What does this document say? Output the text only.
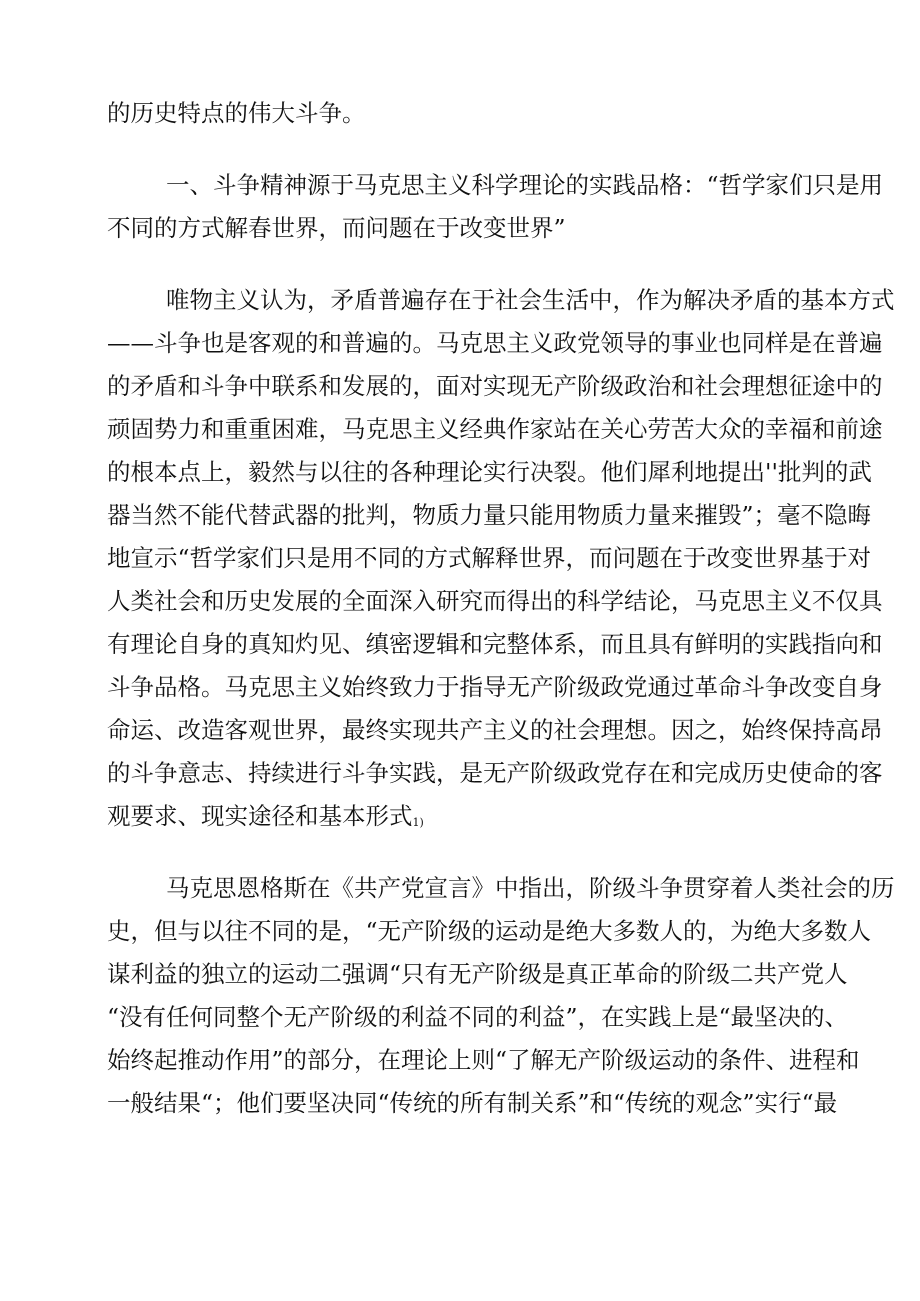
的历史特点的伟大斗争。
一、斗争精神源于马克思主义科学理论的实践品格：“哲学家们只是用
不同的方式解春世界，而问题在于改变世界”
唯物主义认为，矛盾普遍存在于社会生活中，作为解决矛盾的基本方式
——斗争也是客观的和普遍的。马克思主义政党领导的事业也同样是在普遍
的矛盾和斗争中联系和发展的，面对实现无产阶级政治和社会理想征途中的
顽固势力和重重困难，马克思主义经典作家站在关心劳苦大众的幸福和前途
的根本点上，毅然与以往的各种理论实行决裂。他们犀利地提出''批判的武
器当然不能代替武器的批判，物质力量只能用物质力量来摧毁”；毫不隐晦
地宣示“哲学家们只是用不同的方式解释世界，而问题在于改变世界基于对
人类社会和历史发展的全面深入研究而得出的科学结论，马克思主义不仅具
有理论自身的真知灼见、缜密逻辑和完整体系，而且具有鲜明的实践指向和
斗争品格。马克思主义始终致力于指导无产阶级政党通过革命斗争改变自身
命运、改造客观世界，最终实现共产主义的社会理想。因之，始终保持高昂
的斗争意志、持续进行斗争实践，是无产阶级政党存在和完成历史使命的客
观要求、现实途径和基本形式1)
马克思恩格斯在《共产党宣言》中指出，阶级斗争贯穿着人类社会的历
史，但与以往不同的是，“无产阶级的运动是绝大多数人的，为绝大多数人
谋利益的独立的运动二强调“只有无产阶级是真正革命的阶级二共产党人
“没有任何同整个无产阶级的利益不同的利益”，在实践上是“最坚决的、
始终起推动作用”的部分，在理论上则“了解无产阶级运动的条件、进程和
一般结果“；他们要坚决同“传统的所有制关系”和“传统的观念”实行“最
